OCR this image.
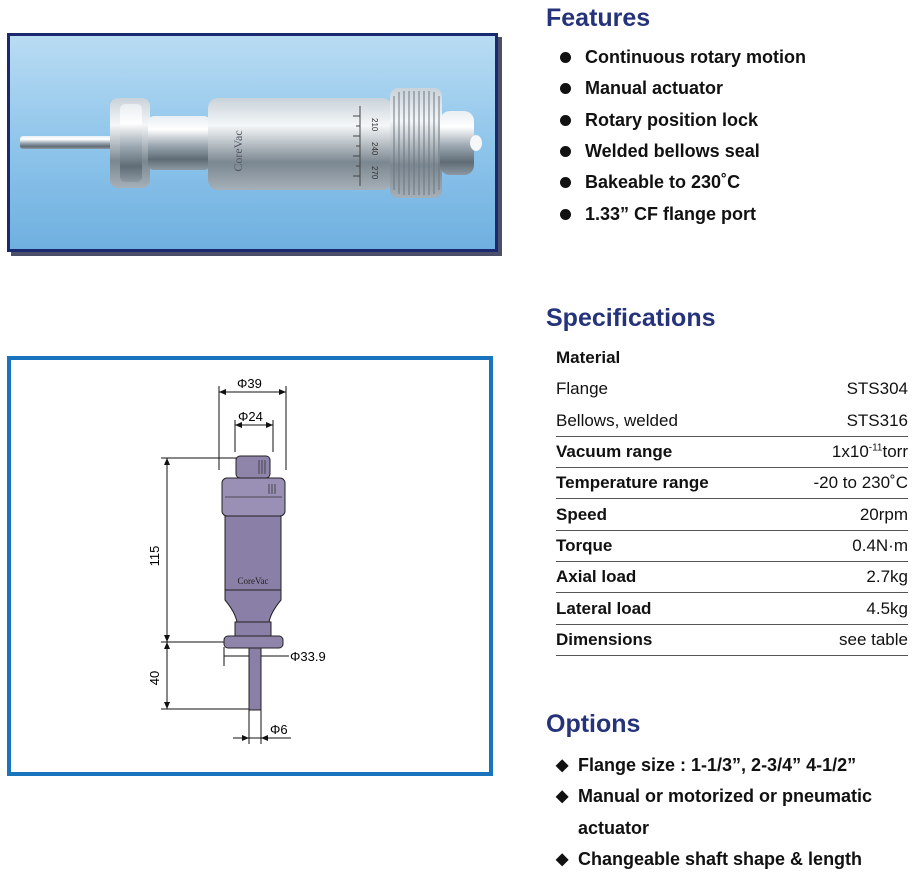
CoreVac
210
240
270
CoreVac
Φ39
Φ24
115
40
Φ33.9
Φ6
Features
Continuous rotary motion
Manual actuator
Rotary position lock
Welded bellows seal
Bakeable to 230˚C
1.33” CF flange port
Specifications
Material
Flange	STS304
Bellows, welded	STS316
Vacuum range	$1x10^{-11}torr$
Temperature range	-20 to 230˚C
Speed	20rpm
Torque	0.4N·m
Axial load	2.7kg
Lateral load	4.5kg
Dimensions	see table
Options
◆ Flange size : 1-1/3”, 2-3/4” 4-1/2”
◆ Manual or motorized or pneumatic actuator
◆ Changeable shaft shape & length
